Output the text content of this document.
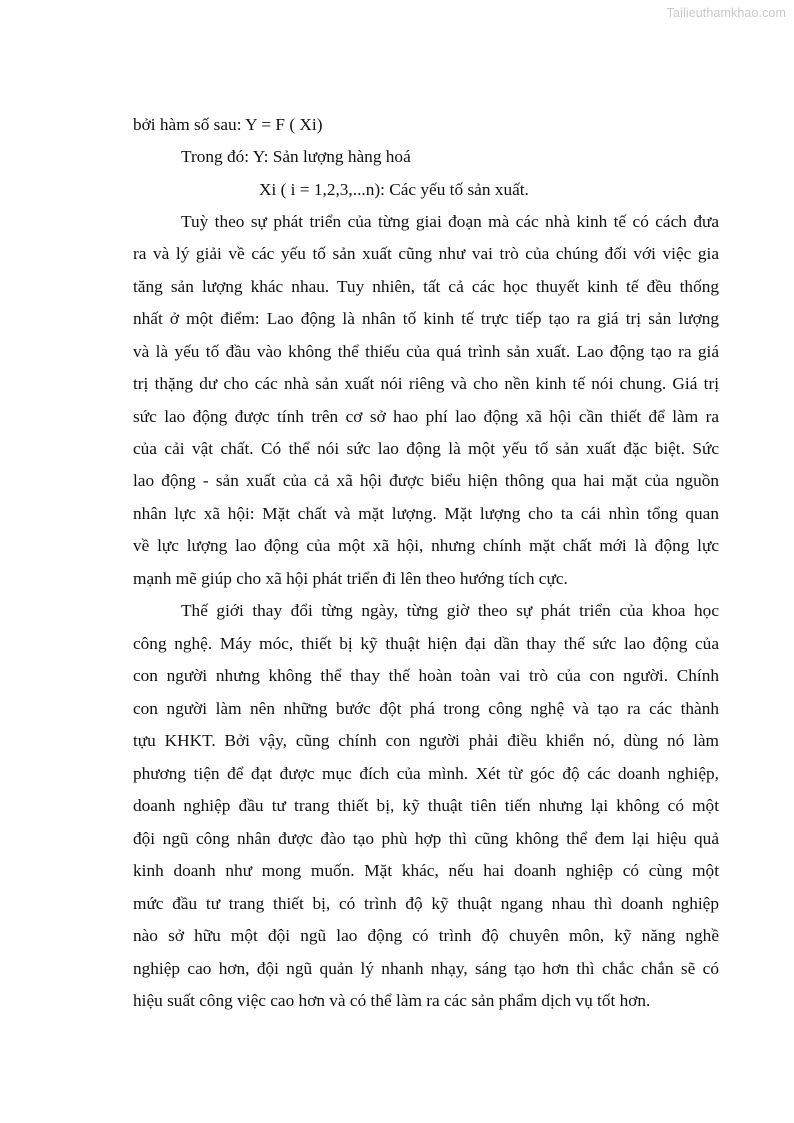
Tailieuthamkhao.com
bởi hàm số sau: Y = F ( Xi)
Trong đó: Y: Sản lượng hàng hoá
Xi ( i = 1,2,3,...n): Các yếu tố sản xuất.
Tuỳ theo sự phát triển của từng giai đoạn mà các nhà kinh tế có cách đưa
ra và lý giải về các yếu tố sản xuất cũng như vai trò của chúng đối với việc gia
tăng sản lượng khác nhau. Tuy nhiên, tất cả các học thuyết kinh tế đều thống
nhất ở một điểm: Lao động là nhân tố kinh tế trực tiếp tạo ra giá trị sản lượng
và là yếu tố đầu vào không thể thiếu của quá trình sản xuất. Lao động tạo ra giá
trị thặng dư cho các nhà sản xuất nói riêng và cho nền kinh tế nói chung. Giá trị
sức lao động được tính trên cơ sở hao phí lao động xã hội cần thiết để làm ra
của cải vật chất. Có thể nói sức lao động là một yếu tố sản xuất đặc biệt. Sức
lao động - sản xuất của cả xã hội được biểu hiện thông qua hai mặt của nguồn
nhân lực xã hội: Mặt chất và mặt lượng. Mặt lượng cho ta cái nhìn tổng quan
về lực lượng lao động của một xã hội, nhưng chính mặt chất mới là động lực
mạnh mẽ giúp cho xã hội phát triển đi lên theo hướng tích cực.
Thế giới thay đổi từng ngày, từng giờ theo sự phát triển của khoa học
công nghệ. Máy móc, thiết bị kỹ thuật hiện đại dần thay thế sức lao động của
con người nhưng không thể thay thế hoàn toàn vai trò của con người. Chính
con người làm nên những bước đột phá trong công nghệ và tạo ra các thành
tựu KHKT. Bởi vậy, cũng chính con người phải điều khiển nó, dùng nó làm
phương tiện để đạt được mục đích của mình. Xét từ góc độ các doanh nghiệp,
doanh nghiệp đầu tư trang thiết bị, kỹ thuật tiên tiến nhưng lại không có một
đội ngũ công nhân được đào tạo phù hợp thì cũng không thể đem lại hiệu quả
kinh doanh như mong muốn. Mặt khác, nếu hai doanh nghiệp có cùng một
mức đầu tư trang thiết bị, có trình độ kỹ thuật ngang nhau thì doanh nghiệp
nào sở hữu một đội ngũ lao động có trình độ chuyên môn, kỹ năng nghề
nghiệp cao hơn, đội ngũ quản lý nhanh nhạy, sáng tạo hơn thì chắc chắn sẽ có
hiệu suất công việc cao hơn và có thể làm ra các sản phẩm dịch vụ tốt hơn.
